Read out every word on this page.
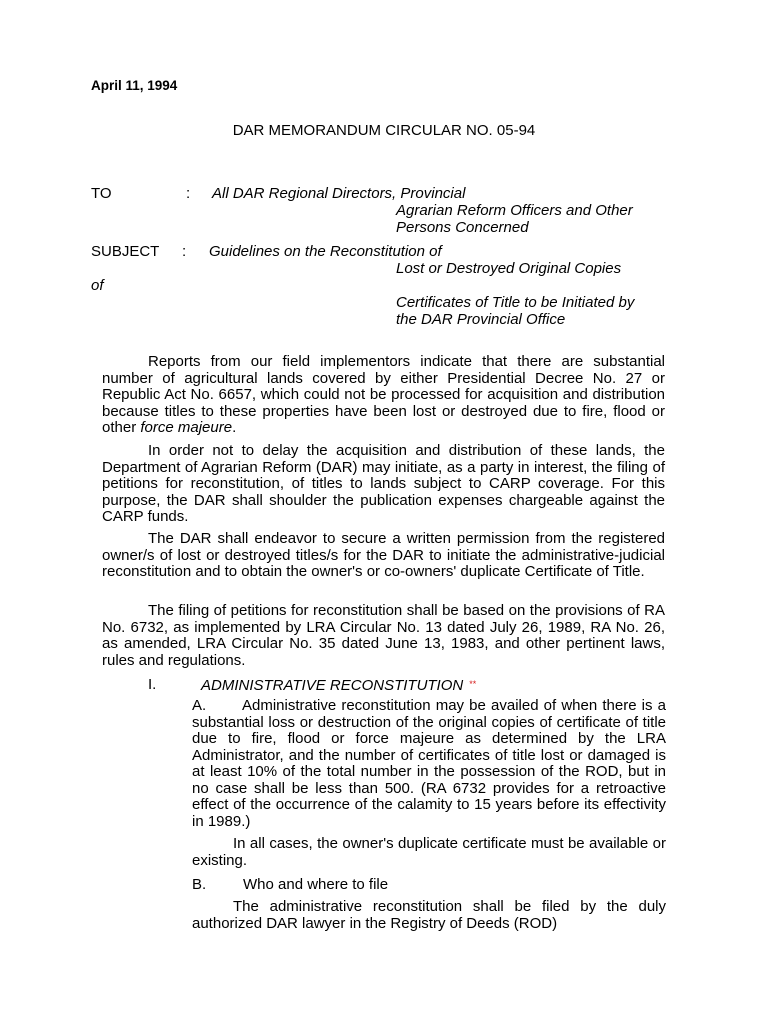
April 11, 1994
DAR MEMORANDUM CIRCULAR NO. 05-94
TO	: All DAR Regional Directors, Provincial
Agrarian Reform Officers and Other
Persons Concerned
SUBJECT : Guidelines on the Reconstitution of
Lost or Destroyed Original Copies
of
Certificates of Title to be Initiated by
the DAR Provincial Office

Reports from our field implementors indicate that there are substantial number of agricultural lands covered by either Presidential Decree No. 27 or Republic Act No. 6657, which could not be processed for acquisition and distribution because titles to these properties have been lost or destroyed due to fire, flood or other force majeure.

In order not to delay the acquisition and distribution of these lands, the Department of Agrarian Reform (DAR) may initiate, as a party in interest, the filing of petitions for reconstitution, of titles to lands subject to CARP coverage. For this purpose, the DAR shall shoulder the publication expenses chargeable against the CARP funds.

The DAR shall endeavor to secure a written permission from the registered owner/s of lost or destroyed titles/s for the DAR to initiate the administrative-judicial reconstitution and to obtain the owner's or co-owners' duplicate Certificate of Title.

The filing of petitions for reconstitution shall be based on the provisions of RA No. 6732, as implemented by LRA Circular No. 13 dated July 26, 1989, RA No. 26, as amended, LRA Circular No. 35 dated June 13, 1983, and other pertinent laws, rules and regulations.

I.	ADMINISTRATIVE RECONSTITUTION **

A. Administrative reconstitution may be availed of when there is a substantial loss or destruction of the original copies of certificate of title due to fire, flood or force majeure as determined by the LRA Administrator, and the number of certificates of title lost or damaged is at least 10% of the total number in the possession of the ROD, but in no case shall be less than 500. (RA 6732 provides for a retroactive effect of the occurrence of the calamity to 15 years before its effectivity in 1989.)

In all cases, the owner's duplicate certificate must be available or existing.

B. Who and where to file

The administrative reconstitution shall be filed by the duly authorized DAR lawyer in the Registry of Deeds (ROD)
